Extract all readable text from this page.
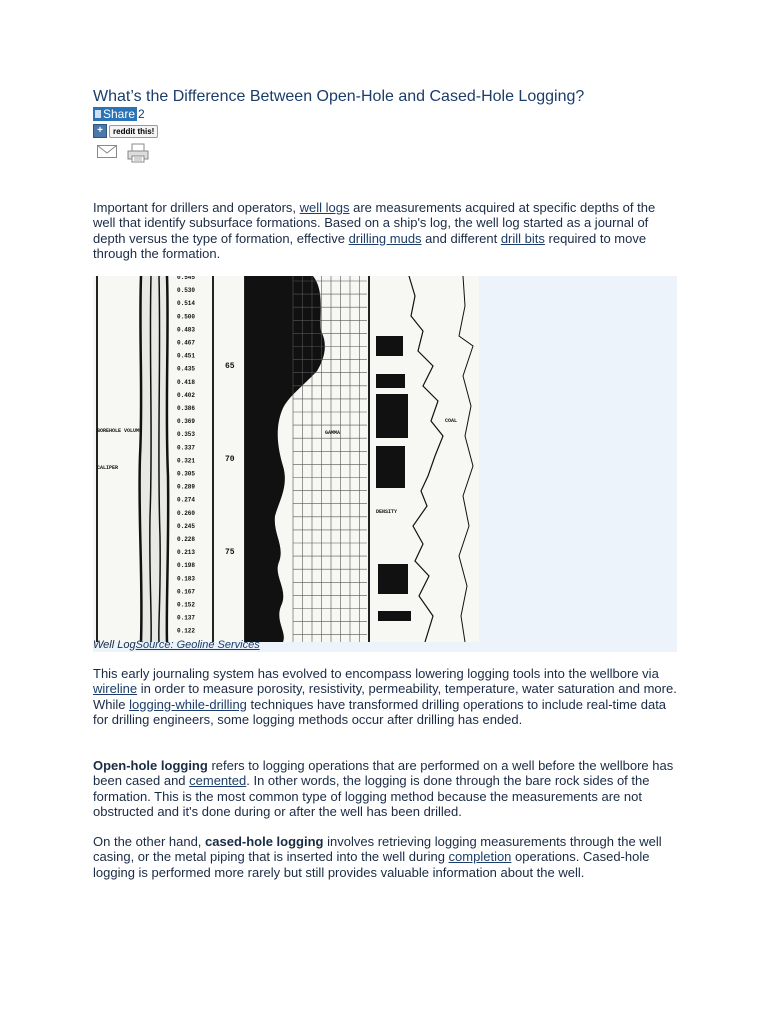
What’s the Difference Between Open-Hole and Cased-Hole Logging?
Share 2
+	reddit this!

Important for drillers and operators, well logs are measurements acquired at specific depths of the well that identify subsurface formations. Based on a ship's log, the well log started as a journal of depth versus the type of formation, effective drilling muds and different drill bits required to move through the formation.

BOREHOLE VOLUME
CALIPER
0.545
0.530
0.514
0.500
0.483
0.467
0.451
0.435
0.418
0.402
0.386
0.369
0.353
0.337
0.321
0.305
0.289
0.274
0.260
0.245
0.228
0.213
0.198
0.183
0.167
0.152
0.137
0.122
65
70
75
GAMMA
COAL
DENSITY
Well LogSource: Geoline Services

This early journaling system has evolved to encompass lowering logging tools into the wellbore via wireline in order to measure porosity, resistivity, permeability, temperature, water saturation and more. While logging-while-drilling techniques have transformed drilling operations to include real-time data for drilling engineers, some logging methods occur after drilling has ended.

Open-hole logging refers to logging operations that are performed on a well before the wellbore has been cased and cemented. In other words, the logging is done through the bare rock sides of the formation. This is the most common type of logging method because the measurements are not obstructed and it's done during or after the well has been drilled.

On the other hand, cased-hole logging involves retrieving logging measurements through the well casing, or the metal piping that is inserted into the well during completion operations. Cased-hole logging is performed more rarely but still provides valuable information about the well.
